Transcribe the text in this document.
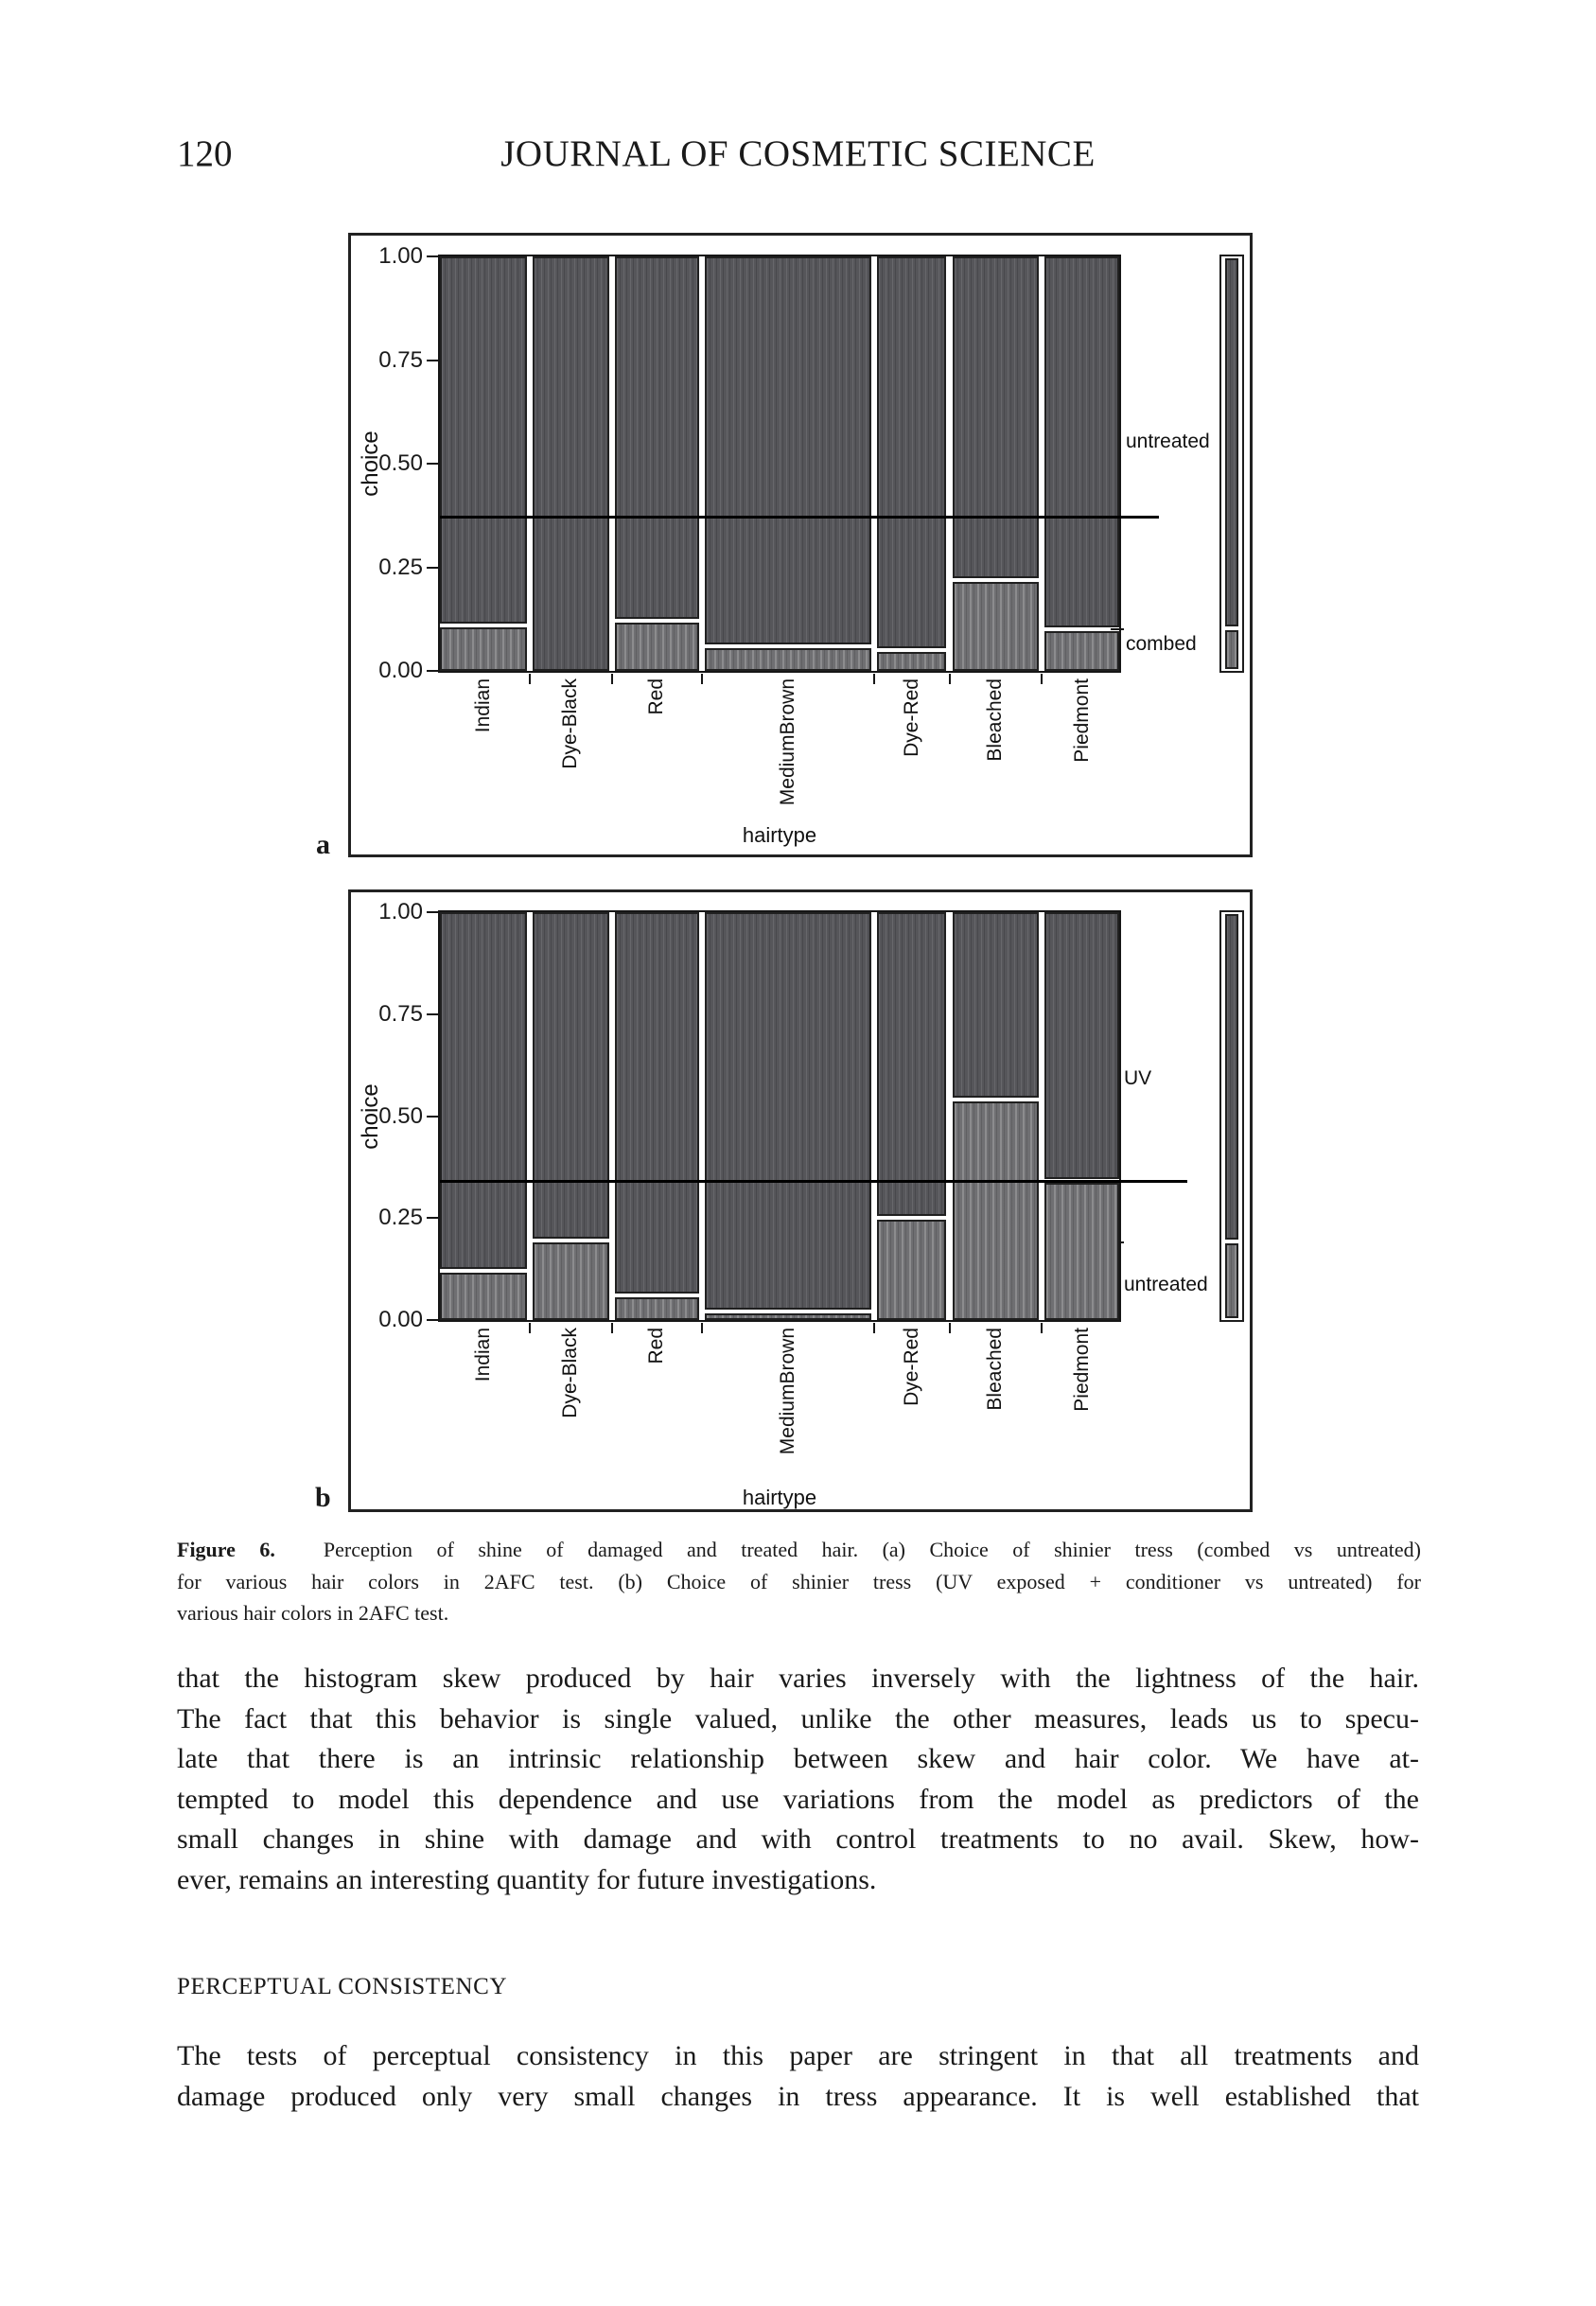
120	JOURNAL OF COSMETIC SCIENCE
a
0.00
0.25
0.50
0.75
1.00
choice
Indian	Dye-Black	Red	MediumBrown	Dye-Red	Bleached	Piedmont
hairtype
untreated
combed
b
0.00
0.25
0.50
0.75
1.00
choice
Indian	Dye-Black	Red	MediumBrown	Dye-Red	Bleached	Piedmont
hairtype
UV
untreated
Figure 6. Perception of shine of damaged and treated hair. (a) Choice of shinier tress (combed vs untreated)
for various hair colors in 2AFC test. (b) Choice of shinier tress (UV exposed + conditioner vs untreated) for
various hair colors in 2AFC test.
that the histogram skew produced by hair varies inversely with the lightness of the hair.
The fact that this behavior is single valued, unlike the other measures, leads us to specu-
late that there is an intrinsic relationship between skew and hair color. We have at-
tempted to model this dependence and use variations from the model as predictors of the
small changes in shine with damage and with control treatments to no avail. Skew, how-
ever, remains an interesting quantity for future investigations.
PERCEPTUAL CONSISTENCY
The tests of perceptual consistency in this paper are stringent in that all treatments and
damage produced only very small changes in tress appearance. It is well established that
